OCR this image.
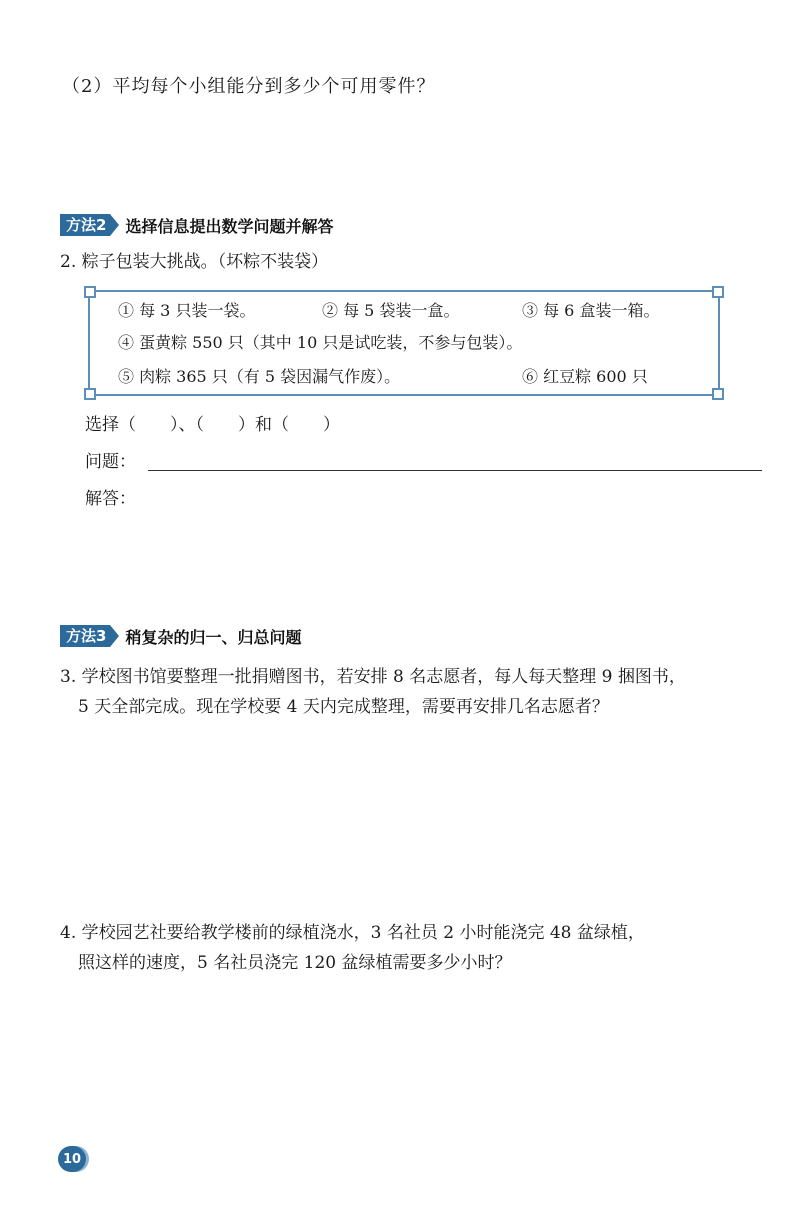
（2）平均每个小组能分到多少个可用零件？
方法2 选择信息提出数学问题并解答
2. 粽子包装大挑战。（坏粽不装袋）
① 每 3 只装一袋。	② 每 5 袋装一盒。	③ 每 6 盒装一箱。
④ 蛋黄粽 550 只（其中 10 只是试吃装，不参与包装）。
⑤ 肉粽 365 只（有 5 袋因漏气作废）。	⑥ 红豆粽 600 只
选择（　　）、（　　）和（　　）
问题：
解答：
方法3 稍复杂的归一、归总问题
3. 学校图书馆要整理一批捐赠图书，若安排 8 名志愿者，每人每天整理 9 捆图书，
5 天全部完成。现在学校要 4 天内完成整理，需要再安排几名志愿者？
4. 学校园艺社要给教学楼前的绿植浇水，3 名社员 2 小时能浇完 48 盆绿植，
照这样的速度，5 名社员浇完 120 盆绿植需要多少小时？
10
